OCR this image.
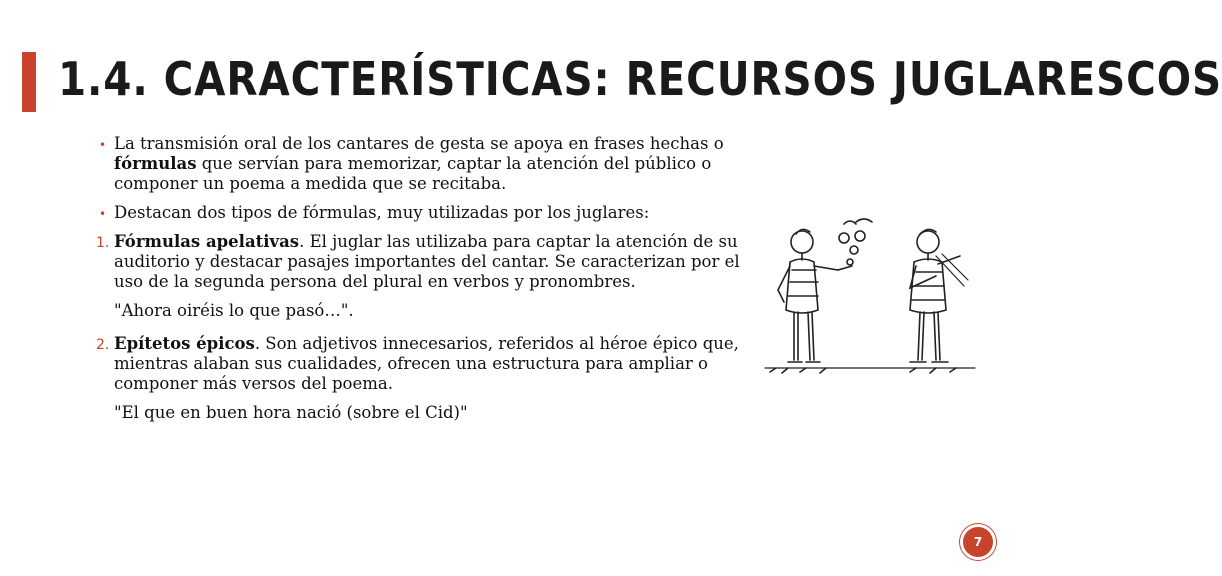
1.4. CARACTERÍSTICAS: RECURSOS JUGLARESCOS
• La transmisión oral de los cantares de gesta se apoya en frases hechas o fórmulas que servían para memorizar, captar la atención del público o componer un poema a medida que se recitaba.
• Destacan dos tipos de fórmulas, muy utilizadas por los juglares:
1. Fórmulas apelativas. El juglar las utilizaba para captar la atención de su auditorio y destacar pasajes importantes del cantar. Se caracterizan por el uso de la segunda persona del plural en verbos y pronombres.
"Ahora oiréis lo que pasó…".
2. Epítetos épicos. Son adjetivos innecesarios, referidos al héroe épico que, mientras alaban sus cualidades, ofrecen una estructura para ampliar o componer más versos del poema.
"El que en buen hora nació (sobre el Cid)"
7
